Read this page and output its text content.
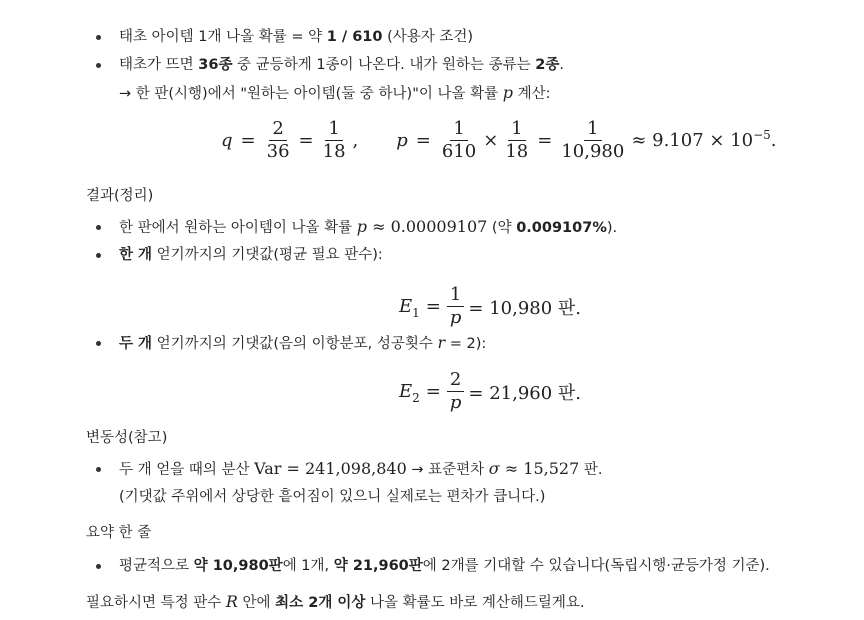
태초 아이템 1개 나올 확률 = 약 1 / 610 (사용자 조건)
태초가 뜨면 36종 중 균등하게 1종이 나온다. 내가 원하는 종류는 2종.
→ 한 판(시행)에서 "원하는 아이템(둘 중 하나)"이 나올 확률 p 계산:
$q = \frac{2}{36} = \frac{1}{18}$ , $p = \frac{1}{610} \times \frac{1}{18} = \frac{1}{10,980} \approx 9.107 \times 10^{-5}$ .
결과(정리)
한 판에서 원하는 아이템이 나올 확률 p ≈ 0.00009107 (약 0.009107%).
한 개 얻기까지의 기댓값(평균 필요 판수):
$E_1 = \frac{1}{p} = 10,980$ 판.
두 개 얻기까지의 기댓값(음의 이항분포, 성공횟수 r = 2):
$E_2 = \frac{2}{p} = 21,960$ 판.
변동성(참고)
두 개 얻을 때의 분산 Var = 241,098,840 → 표준편차 σ ≈ 15,527 판.
(기댓값 주위에서 상당한 흩어짐이 있으니 실제로는 편차가 큽니다.)
요약 한 줄
평균적으로 약 10,980판에 1개, 약 21,960판에 2개를 기대할 수 있습니다(독립시행·균등가정 기준).
필요하시면 특정 판수 R 안에 최소 2개 이상 나올 확률도 바로 계산해드릴게요.
